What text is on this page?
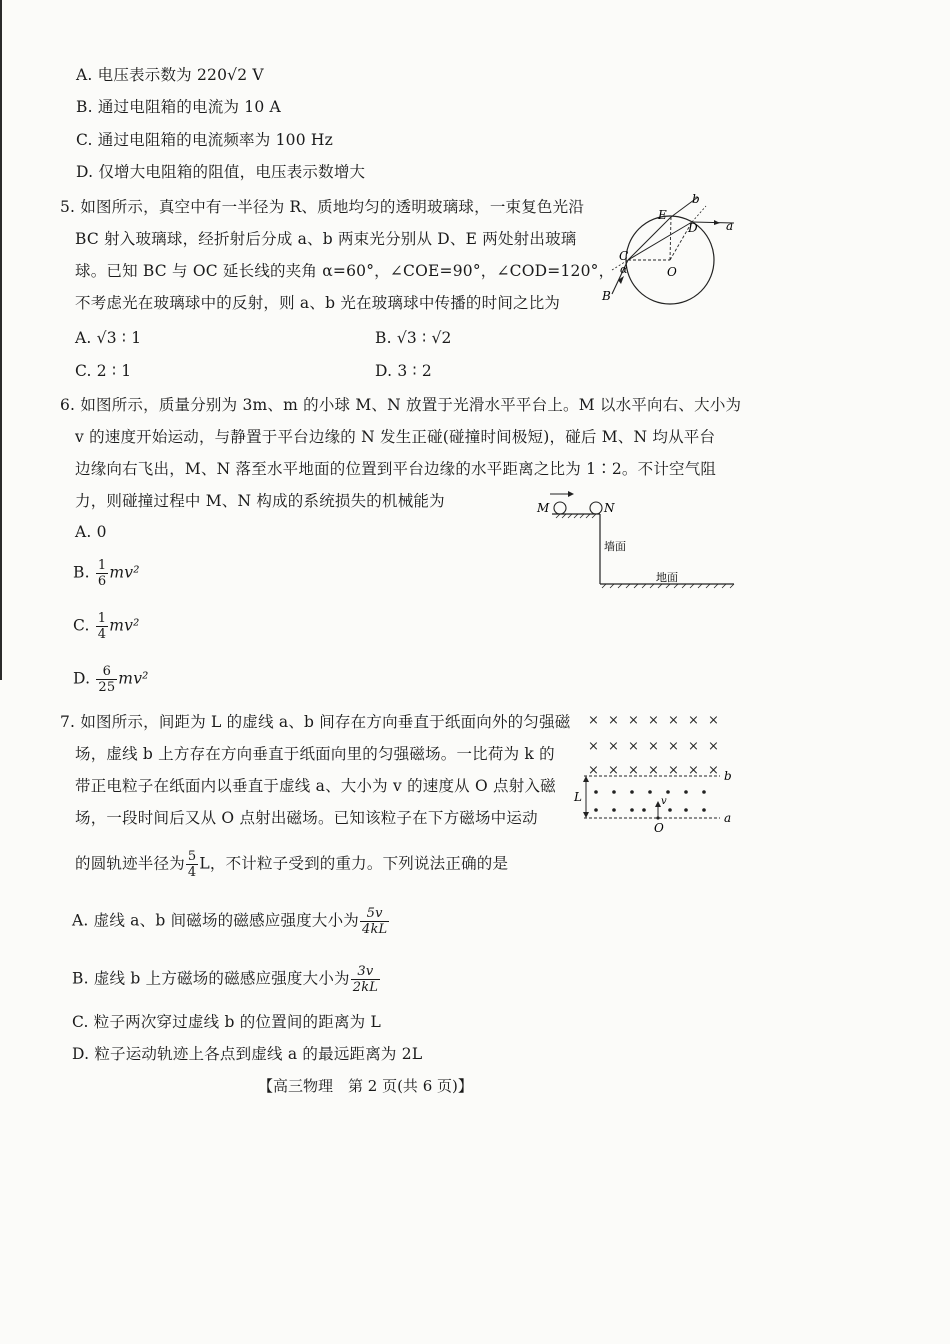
A. 电压表示数为 220√2 V
B. 通过电阻箱的电流为 10 A
C. 通过电阻箱的电流频率为 100 Hz
D. 仅增大电阻箱的阻值，电压表示数增大
5. 如图所示，真空中有一半径为 R、质地均匀的透明玻璃球，一束复色光沿
BC 射入玻璃球，经折射后分成 a、b 两束光分别从 D、E 两处射出玻璃
球。已知 BC 与 OC 延长线的夹角 α=60°，∠COE=90°，∠COD=120°，
不考虑光在玻璃球中的反射，则 a、b 光在玻璃球中传播的时间之比为
A. √3 ∶ 1	B. √3 ∶ √2
C. 2 ∶ 1	D. 3 ∶ 2
E
b
D a
C
α	O
B
6. 如图所示，质量分别为 3m、m 的小球 M、N 放置于光滑水平平台上。M 以水平向右、大小为
v 的速度开始运动，与静置于平台边缘的 N 发生正碰(碰撞时间极短)，碰后 M、N 均从平台
边缘向右飞出，M、N 落至水平地面的位置到平台边缘的水平距离之比为 1∶2。不计空气阻
力，则碰撞过程中 M、N 构成的系统损失的机械能为
A. 0
B. $\frac{1}{6} mv^2$
C. $\frac{1}{4} mv^2$
D. $\frac{6}{25} mv^2$
M	N
墙面
地面
7. 如图所示，间距为 L 的虚线 a、b 间存在方向垂直于纸面向外的匀强磁
场，虚线 b 上方存在方向垂直于纸面向里的匀强磁场。一比荷为 k 的
带正电粒子在纸面内以垂直于虚线 a、大小为 v 的速度从 O 点射入磁
场，一段时间后又从 O 点射出磁场。已知该粒子在下方磁场中运动
的圆轨迹半径为 $\frac{5}{4}$ L，不计粒子受到的重力。下列说法正确的是
A. 虚线 a、b 间磁场的磁感应强度大小为 $\frac{5v}{4kL}$
B. 虚线 b 上方磁场的磁感应强度大小为 $\frac{3v}{2kL}$
C. 粒子两次穿过虚线 b 的位置间的距离为 L
D. 粒子运动轨迹上各点到虚线 a 的最远距离为 2L
× × × × × × ×
× × × × × × ×
× × × × × × × b
a
L	v
O
【高三物理　第 2 页(共 6 页)】
